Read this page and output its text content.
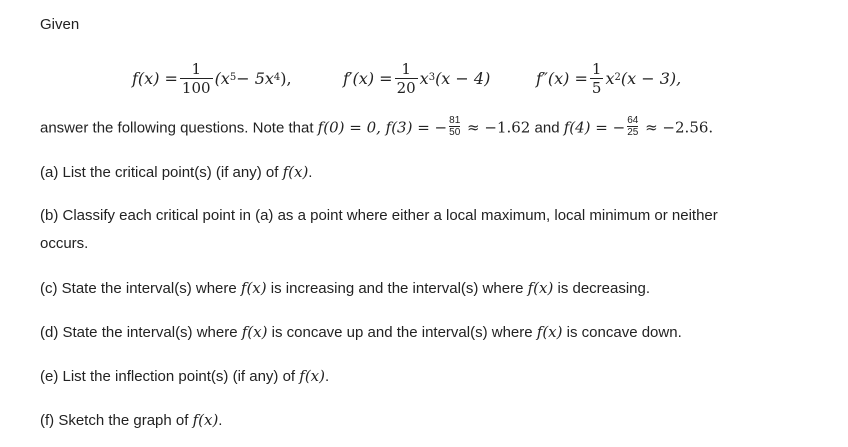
Given
$f(x) = \frac{1}{100} (x$ 5 − 5x 4 ),	$f'(x) = \frac{1}{20}$ x 3 (x − 4)	$f''(x) = \frac{1}{5}$ x 2 (x − 3),
answer the following questions. Note that f(0) = 0, f(3) = − $\frac{81}{50} \approx -1.62$ and f(4) = − $\frac{64}{25} \approx -2.56$.
(a) List the critical point(s) (if any) of f(x).
(b) Classify each critical point in (a) as a point where either a local maximum, local minimum or neither
occurs.
(c) State the interval(s) where f(x) is increasing and the interval(s) where f(x) is decreasing.
(d) State the interval(s) where f(x) is concave up and the interval(s) where f(x) is concave down.
(e) List the inflection point(s) (if any) of f(x).
(f) Sketch the graph of f(x).
